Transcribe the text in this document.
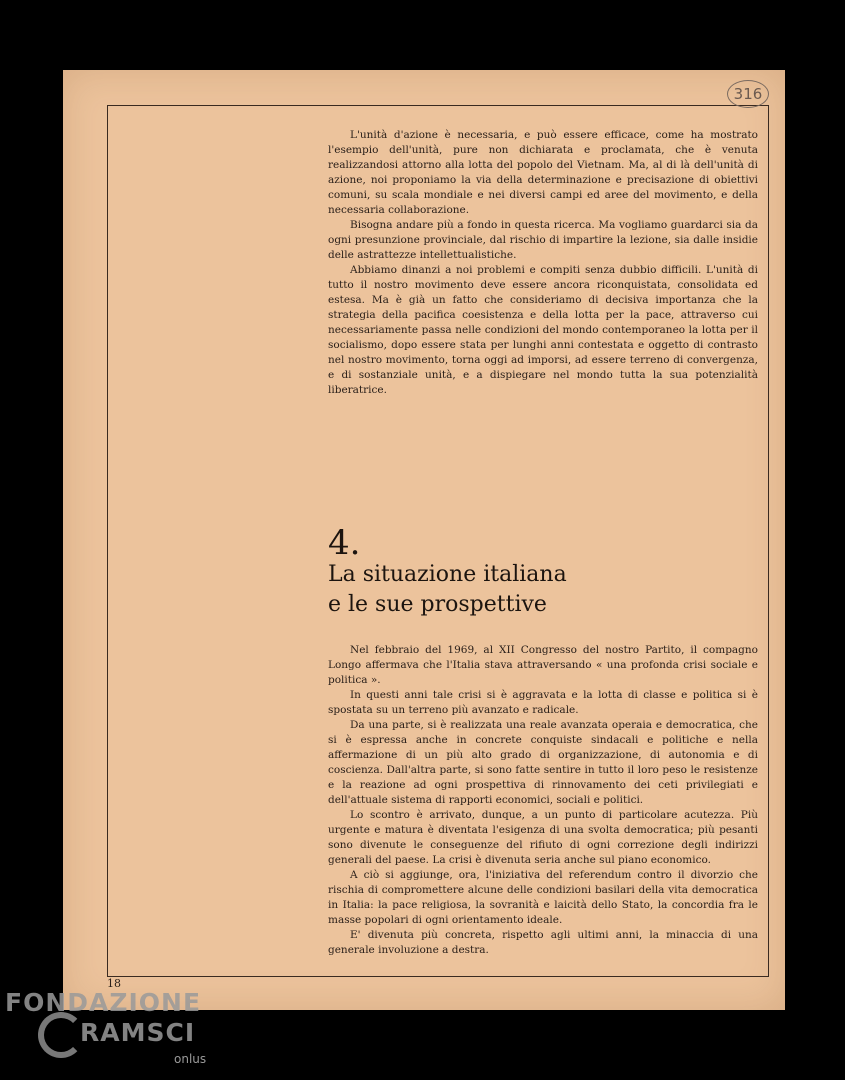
316

L'unità d'azione è necessaria, e può essere efficace, come ha mostrato l'esempio dell'unità, pure non dichiarata e proclamata, che è venuta realizzandosi attorno alla lotta del popolo del Vietnam. Ma, al di là dell'unità di azione, noi proponiamo la via della determinazione e precisazione di obiettivi comuni, su scala mondiale e nei diversi campi ed aree del movimento, e della necessaria collaborazione.

Bisogna andare più a fondo in questa ricerca. Ma vogliamo guardarci sia da ogni presunzione provinciale, dal rischio di impartire la lezione, sia dalle insidie delle astrattezze intellettualistiche.

Abbiamo dinanzi a noi problemi e compiti senza dubbio difficili. L'unità di tutto il nostro movimento deve essere ancora riconquistata, consolidata ed estesa. Ma è già un fatto che consideriamo di decisiva importanza che la strategia della pacifica coesistenza e della lotta per la pace, attraverso cui necessariamente passa nelle condizioni del mondo contemporaneo la lotta per il socialismo, dopo essere stata per lunghi anni contestata e oggetto di contrasto nel nostro movimento, torna oggi ad imporsi, ad essere terreno di convergenza, e di sostanziale unità, e a dispiegare nel mondo tutta la sua potenzialità liberatrice.

4.
La situazione italiana
e le sue prospettive

Nel febbraio del 1969, al XII Congresso del nostro Partito, il compagno Longo affermava che l'Italia stava attraversando « una profonda crisi sociale e politica ».

In questi anni tale crisi si è aggravata e la lotta di classe e politica si è spostata su un terreno più avanzato e radicale.

Da una parte, si è realizzata una reale avanzata operaia e democratica, che si è espressa anche in concrete conquiste sindacali e politiche e nella affermazione di un più alto grado di organizzazione, di autonomia e di coscienza. Dall'altra parte, si sono fatte sentire in tutto il loro peso le resistenze e la reazione ad ogni prospettiva di rinnovamento dei ceti privilegiati e dell'attuale sistema di rapporti economici, sociali e politici.

Lo scontro è arrivato, dunque, a un punto di particolare acutezza. Più urgente e matura è diventata l'esigenza di una svolta democratica; più pesanti sono divenute le conseguenze del rifiuto di ogni correzione degli indirizzi generali del paese. La crisi è divenuta seria anche sul piano economico.

A ciò si aggiunge, ora, l'iniziativa del referendum contro il divorzio che rischia di compromettere alcune delle condizioni basilari della vita democratica in Italia: la pace religiosa, la sovranità e laicità dello Stato, la concordia fra le masse popolari di ogni orientamento ideale.

E' divenuta più concreta, rispetto agli ultimi anni, la minaccia di una generale involuzione a destra.

18
FONDAZIONE
RAMSCI
onlus
